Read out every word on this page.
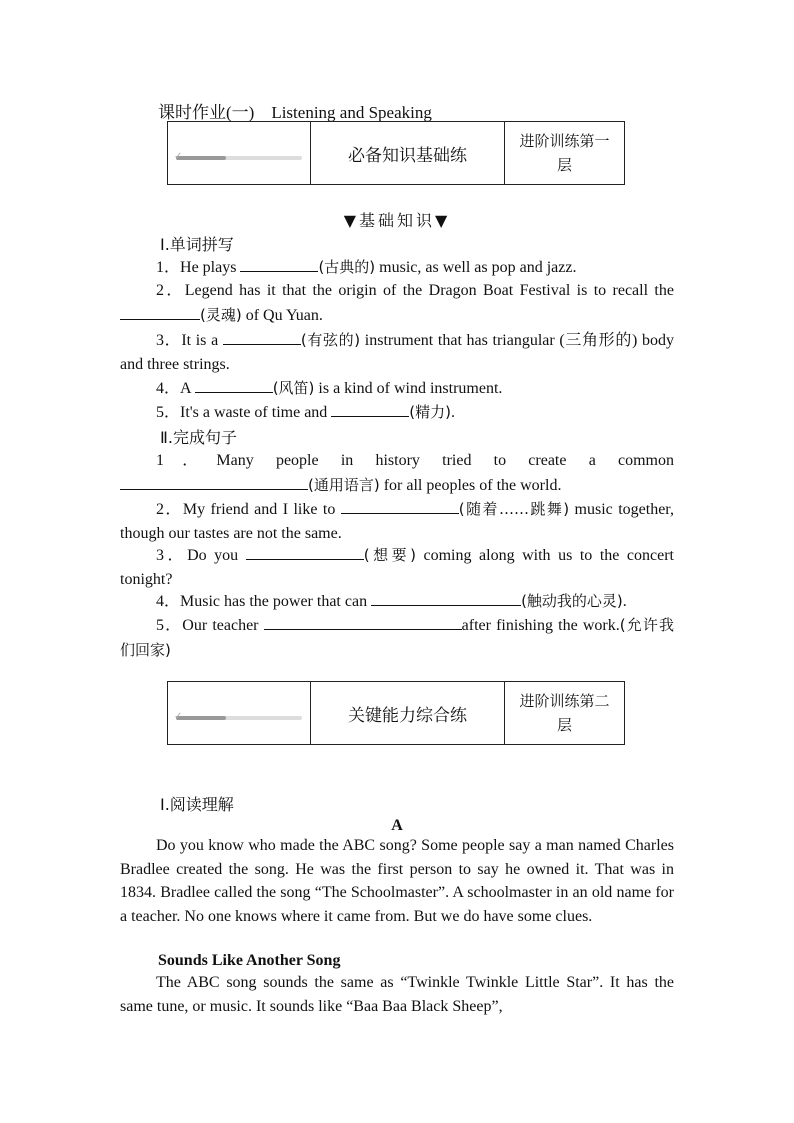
课时作业(一)　Listening and Speaking
✓	必备知识基础练
进阶训练第一层
▼基础知识▼
Ⅰ.单词拼写
1．He plays	(古典的) music, as well as pop and jazz.
2．Legend has it that the origin of the Dragon Boat Festival is to recall the (灵魂) of Qu Yuan.
3．It is a	(有弦的) instrument that has triangular (三角形的) body and three strings.
4．A	(风笛) is a kind of wind instrument.
5．It's a waste of time and	(精力).
Ⅱ.完成句子
1．Many people in history tried to create a common (通用语言) for all peoples of the world.
2．My friend and I like to	(随着……跳舞) music together, though our tastes are not the same.
3．Do you	(想要) coming along with us to the concert tonight?
4．Music has the power that can	(触动我的心灵).
5．Our teacher	after finishing the work.(允许我们回家)
✓	关键能力综合练
进阶训练第二层
Ⅰ.阅读理解
A
Do you know who made the ABC song? Some people say a man named Charles Bradlee created the song. He was the first person to say he owned it. That was in 1834. Bradlee called the song “The Schoolmaster”. A schoolmaster in an old name for a teacher. No one knows where it came from. But we do have some clues.
Sounds Like Another Song
The ABC song sounds the same as “Twinkle Twinkle Little Star”. It has the same tune, or music. It sounds like “Baa Baa Black Sheep”,
